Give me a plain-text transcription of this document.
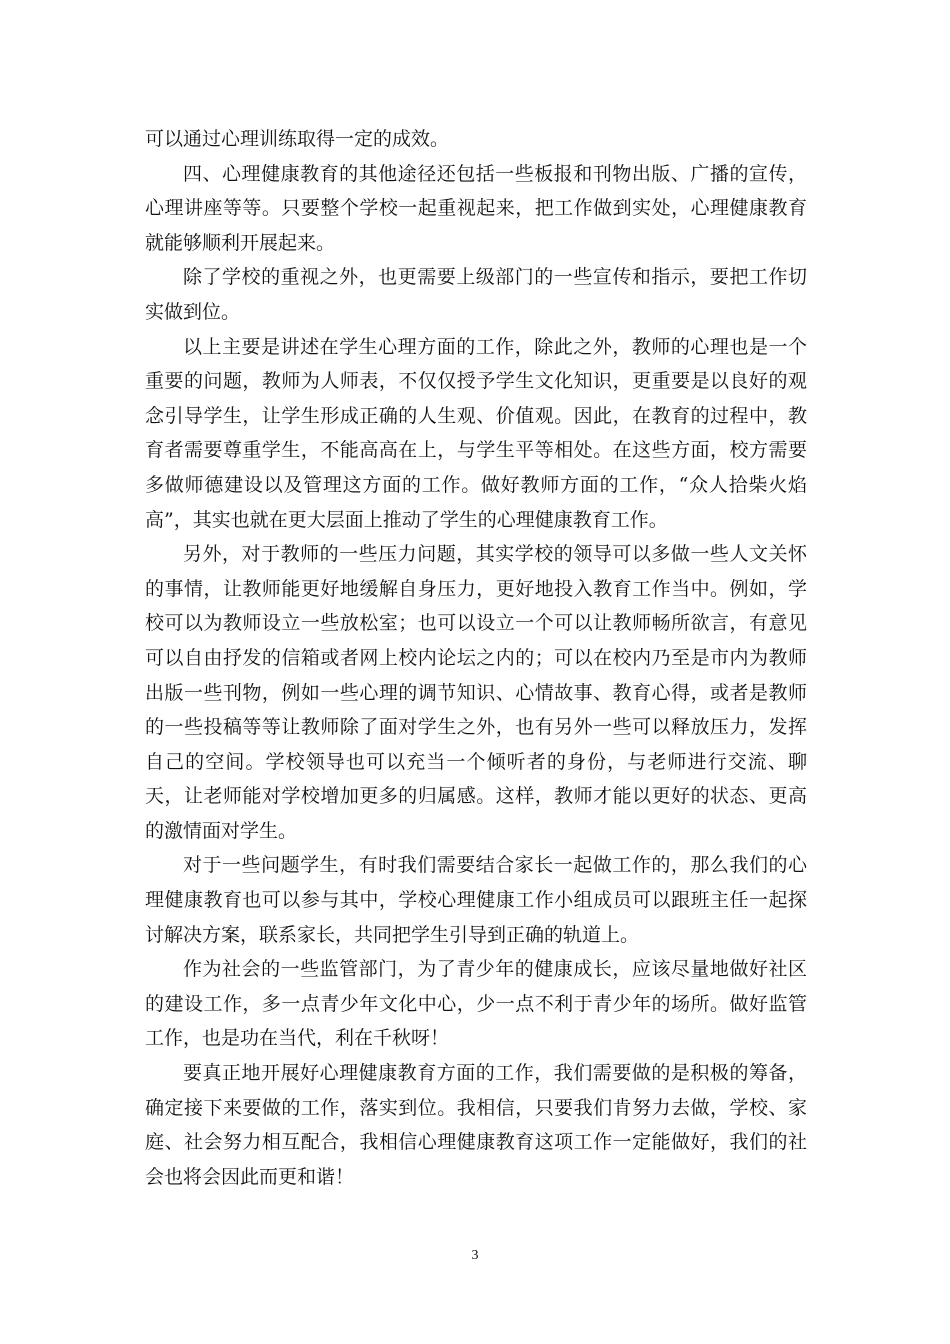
可以通过心理训练取得一定的成效。

四、心理健康教育的其他途径还包括一些板报和刊物出版、广播的宣传，心理讲座等等。只要整个学校一起重视起来，把工作做到实处，心理健康教育就能够顺利开展起来。

除了学校的重视之外，也更需要上级部门的一些宣传和指示，要把工作切实做到位。

以上主要是讲述在学生心理方面的工作，除此之外，教师的心理也是一个重要的问题，教师为人师表，不仅仅授予学生文化知识，更重要是以良好的观念引导学生，让学生形成正确的人生观、价值观。因此，在教育的过程中，教育者需要尊重学生，不能高高在上，与学生平等相处。在这些方面，校方需要多做师德建设以及管理这方面的工作。做好教师方面的工作，“众人拾柴火焰高”，其实也就在更大层面上推动了学生的心理健康教育工作。

另外，对于教师的一些压力问题，其实学校的领导可以多做一些人文关怀的事情，让教师能更好地缓解自身压力，更好地投入教育工作当中。例如，学校可以为教师设立一些放松室；也可以设立一个可以让教师畅所欲言，有意见可以自由抒发的信箱或者网上校内论坛之内的；可以在校内乃至是市内为教师出版一些刊物，例如一些心理的调节知识、心情故事、教育心得，或者是教师的一些投稿等等让教师除了面对学生之外，也有另外一些可以释放压力，发挥自己的空间。学校领导也可以充当一个倾听者的身份，与老师进行交流、聊天，让老师能对学校增加更多的归属感。这样，教师才能以更好的状态、更高的激情面对学生。

对于一些问题学生，有时我们需要结合家长一起做工作的，那么我们的心理健康教育也可以参与其中，学校心理健康工作小组成员可以跟班主任一起探讨解决方案，联系家长，共同把学生引导到正确的轨道上。

作为社会的一些监管部门，为了青少年的健康成长，应该尽量地做好社区的建设工作，多一点青少年文化中心，少一点不利于青少年的场所。做好监管工作，也是功在当代，利在千秋呀！

要真正地开展好心理健康教育方面的工作，我们需要做的是积极的筹备，确定接下来要做的工作，落实到位。我相信，只要我们肯努力去做，学校、家庭、社会努力相互配合，我相信心理健康教育这项工作一定能做好，我们的社会也将会因此而更和谐！

3
